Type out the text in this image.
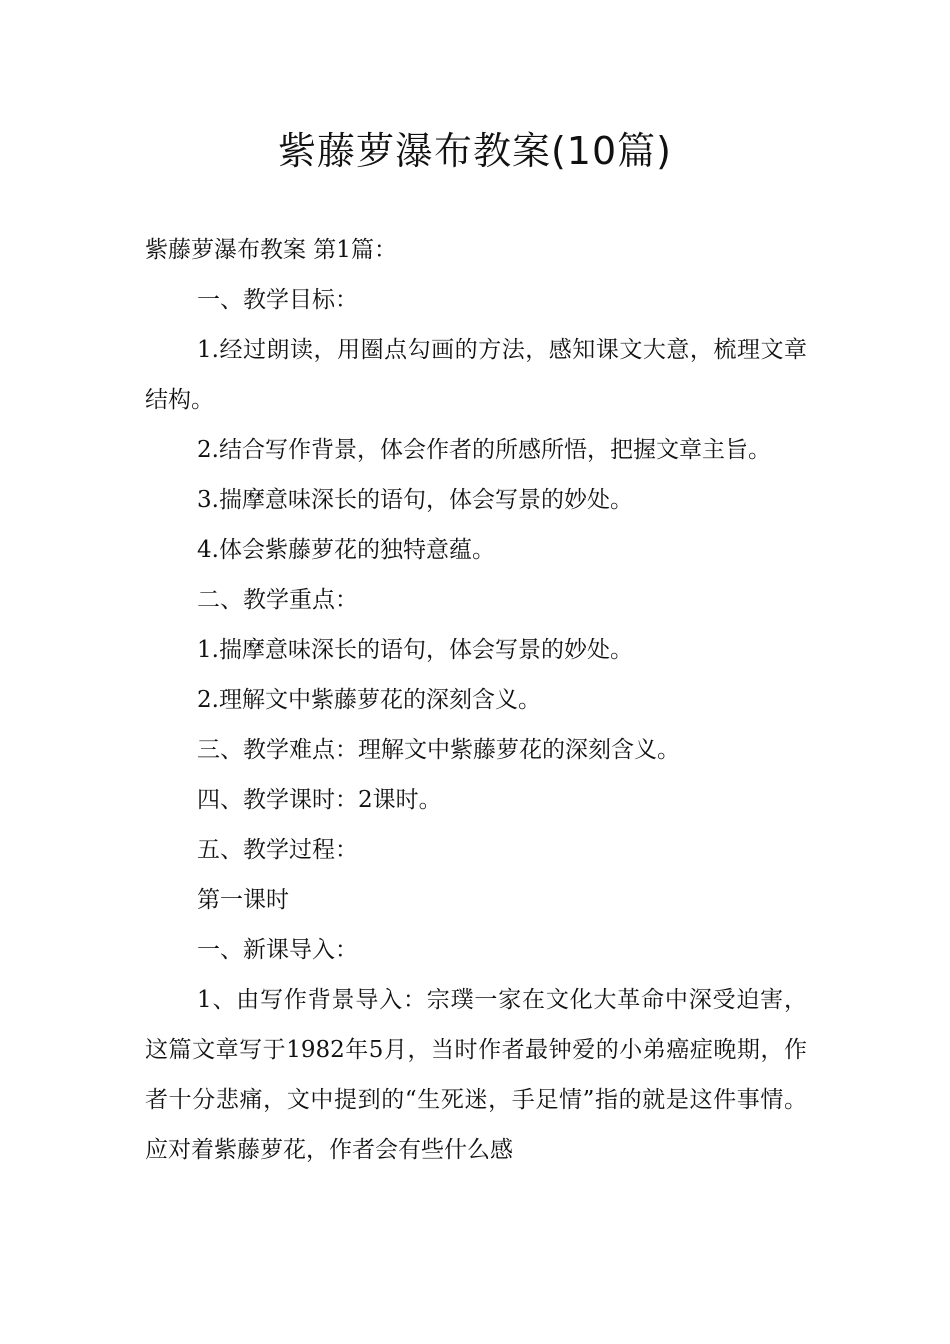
紫藤萝瀑布教案(10篇)

紫藤萝瀑布教案 第1篇：

一、教学目标：

1.经过朗读，用圈点勾画的方法，感知课文大意，梳理文章结构。

2.结合写作背景，体会作者的所感所悟，把握文章主旨。

3.揣摩意味深长的语句，体会写景的妙处。

4.体会紫藤萝花的独特意蕴。

二、教学重点：

1.揣摩意味深长的语句，体会写景的妙处。

2.理解文中紫藤萝花的深刻含义。

三、教学难点：理解文中紫藤萝花的深刻含义。

四、教学课时：2课时。

五、教学过程：

第一课时

一、新课导入：

1、由写作背景导入：宗璞一家在文化大革命中深受迫害，这篇文章写于1982年5月，当时作者最钟爱的小弟癌症晚期，作者十分悲痛，文中提到的“生死迷，手足情”指的就是这件事情。应对着紫藤萝花，作者会有些什么感
